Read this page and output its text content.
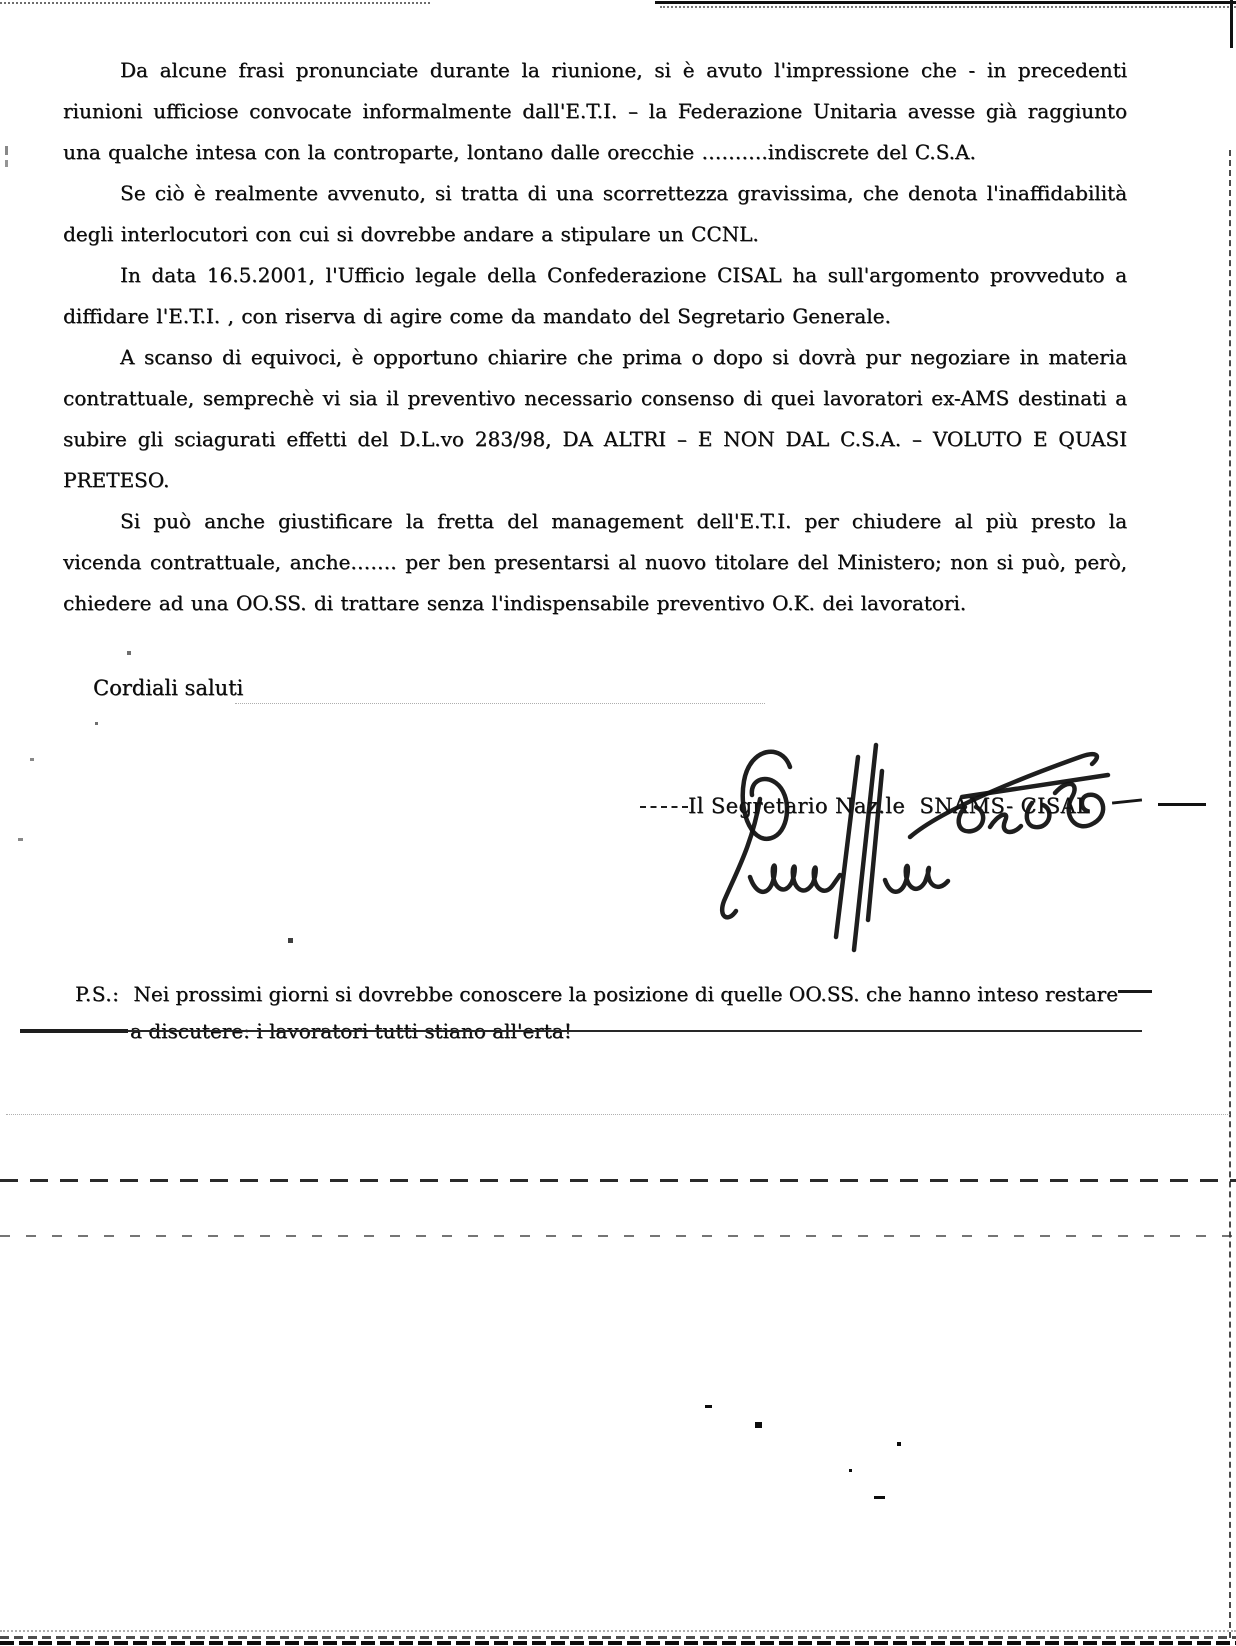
Da alcune frasi pronunciate durante la riunione, si è avuto l'impressione che - in precedenti riunioni ufficiose convocate informalmente dall'E.T.I. – la Federazione Unitaria avesse già raggiunto una qualche intesa con la controparte, lontano dalle orecchie ……….indiscrete del C.S.A.

Se ciò è realmente avvenuto, si tratta di una scorrettezza gravissima, che denota l'inaffidabilità degli interlocutori con cui si dovrebbe andare a stipulare un CCNL.

In data 16.5.2001, l'Ufficio legale della Confederazione CISAL ha sull'argomento provveduto a diffidare l'E.T.I. , con riserva di agire come da mandato del Segretario Generale.

A scanso di equivoci, è opportuno chiarire che prima o dopo si dovrà pur negoziare in materia contrattuale, semprechè vi sia il preventivo necessario consenso di quei lavoratori ex-AMS destinati a subire gli sciagurati effetti del D.L.vo 283/98, DA ALTRI – E NON DAL C.S.A. – VOLUTO E QUASI PRETESO.

Si può anche giustificare la fretta del management dell'E.T.I. per chiudere al più presto la vicenda contrattuale, anche……. per ben presentarsi al nuovo titolare del Ministero; non si può, però, chiedere ad una OO.SS. di trattare senza l'indispensabile preventivo O.K. dei lavoratori.

Cordiali saluti
Il Segretario Naz.le  SNAMS- CISAL
P.S.: Nei prossimi giorni si dovrebbe conoscere la posizione di quelle OO.SS. che hanno inteso restare
a discutere: i lavoratori tutti stiano all'erta!
